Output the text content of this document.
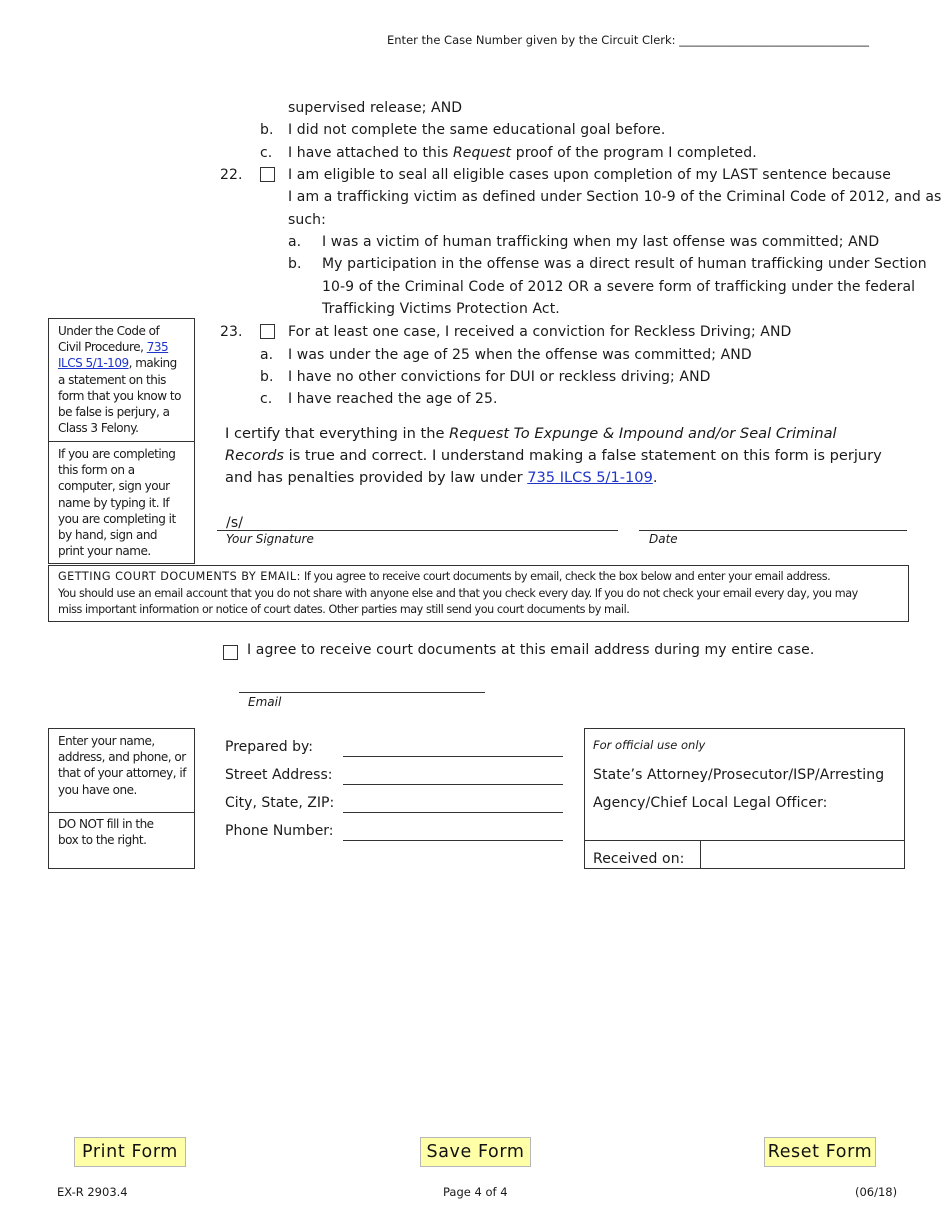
Enter the Case Number given by the Circuit Clerk: _________________________________
supervised release; AND
b. I did not complete the same educational goal before.
c. I have attached to this Request proof of the program I completed.
22.	I am eligible to seal all eligible cases upon completion of my LAST sentence because
I am a trafficking victim as defined under Section 10-9 of the Criminal Code of 2012, and as
such:
a. I was a victim of human trafficking when my last offense was committed; AND
b. My participation in the offense was a direct result of human trafficking under Section
10-9 of the Criminal Code of 2012 OR a severe form of trafficking under the federal
Trafficking Victims Protection Act.
23.	For at least one case, I received a conviction for Reckless Driving; AND
a. I was under the age of 25 when the offense was committed; AND
b. I have no other convictions for DUI or reckless driving; AND
c. I have reached the age of 25.
Under the Code of
Civil Procedure, 735
ILCS 5/1-109, making
a statement on this
form that you know to
be false is perjury, a
Class 3 Felony.
If you are completing
this form on a
computer, sign your
name by typing it. If
you are completing it
by hand, sign and
print your name.
I certify that everything in the Request To Expunge & Impound and/or Seal Criminal
Records is true and correct. I understand making a false statement on this form is perjury
and has penalties provided by law under 735 ILCS 5/1-109.
/s/
Your Signature	Date
GETTING COURT DOCUMENTS BY EMAIL: If you agree to receive court documents by email, check the box below and enter your email address.
You should use an email account that you do not share with anyone else and that you check every day. If you do not check your email every day, you may
miss important information or notice of court dates. Other parties may still send you court documents by mail.
I agree to receive court documents at this email address during my entire case.
Email
Enter your name,
address, and phone, or
that of your attorney, if
you have one.
DO NOT fill in the
box to the right.
Prepared by:
Street Address:
City, State, ZIP:
Phone Number:
For official use only
State’s Attorney/Prosecutor/ISP/Arresting
Agency/Chief Local Legal Officer:
Received on:
Print Form	Save Form	Reset Form
EX-R 2903.4	Page 4 of 4	(06/18)
